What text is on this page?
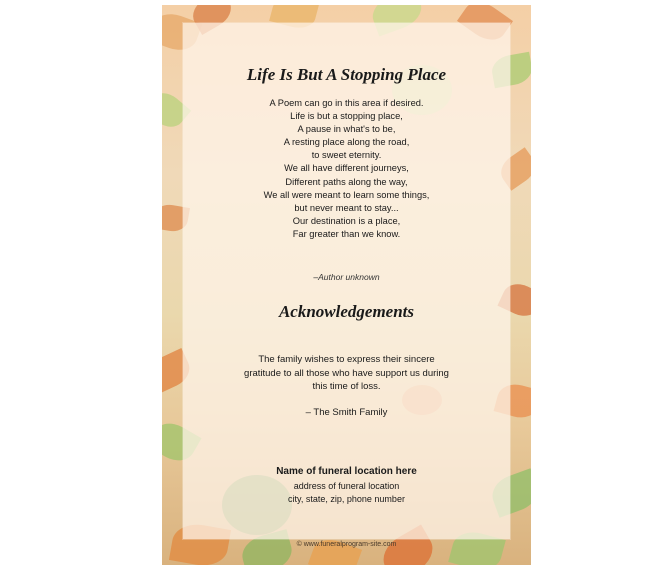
Life Is But A Stopping Place
A Poem can go in this area if desired.
Life is but a stopping place,
A pause in what's to be,
A resting place along the road,
to sweet eternity.
We all have different journeys,
Different paths along the way,
We all were meant to learn some things,
but never meant to stay...
Our destination is a place,
Far greater than we know.
–Author unknown
Acknowledgements
The family wishes to express their sincere
gratitude to all those who have support us during
this time of loss.
– The Smith Family
Name of funeral location here
address of funeral location
city, state, zip, phone number
© www.funeralprogram-site.com
